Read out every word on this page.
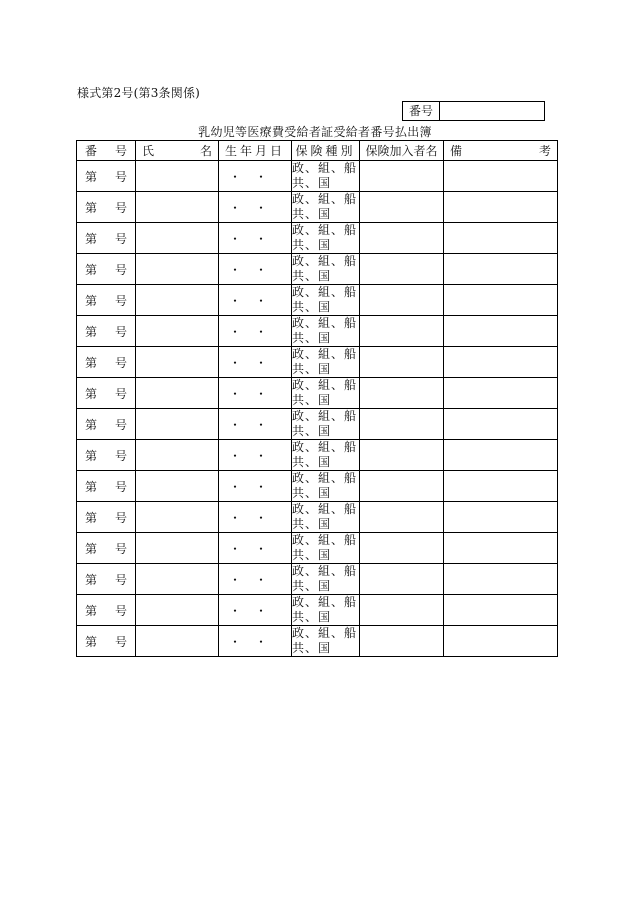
様式第2号(第3条関係)
番号
乳幼児等医療費受給者証受給者番号払出簿
番 号	氏 名	生年月日	保険種別	保険加入者名	備 考

第 号		・・	政、組、船共、国		

第 号		・・	政、組、船共、国		

第 号		・・	政、組、船共、国		

第 号		・・	政、組、船共、国		

第 号		・・	政、組、船共、国		

第 号		・・	政、組、船共、国		

第 号		・・	政、組、船共、国		

第 号		・・	政、組、船共、国		

第 号		・・	政、組、船共、国		

第 号		・・	政、組、船共、国		

第 号		・・	政、組、船共、国		

第 号		・・	政、組、船共、国		

第 号		・・	政、組、船共、国		

第 号		・・	政、組、船共、国		

第 号		・・	政、組、船共、国		

第 号		・・	政、組、船共、国		
